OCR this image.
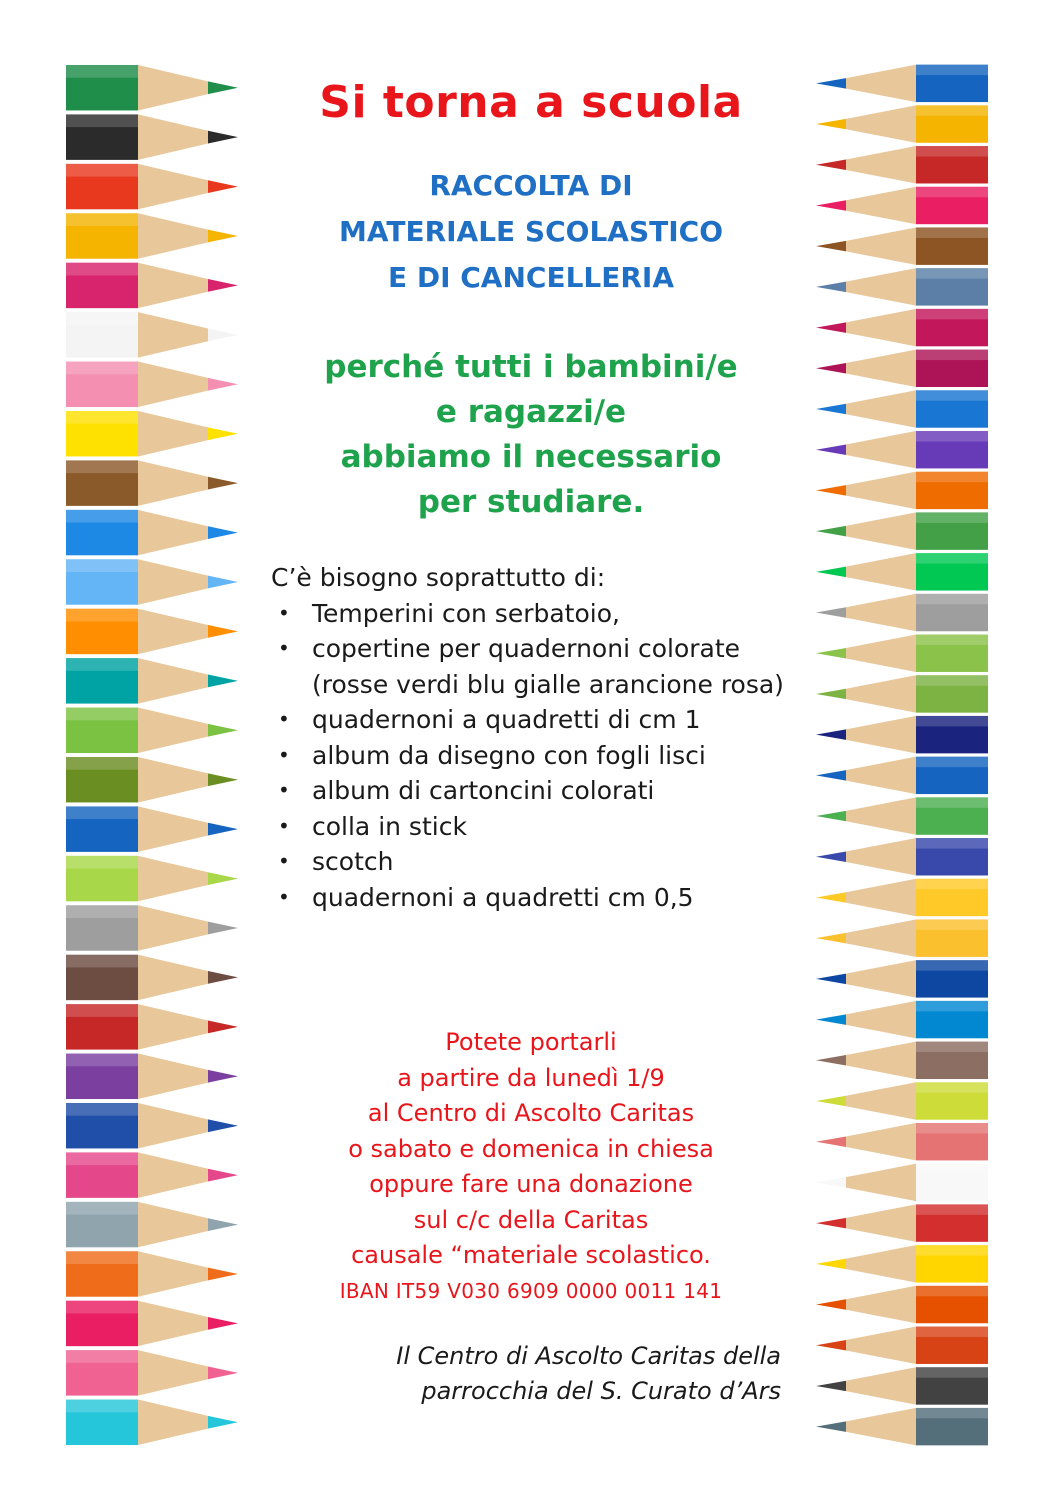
Si torna a scuola
RACCOLTA DI
MATERIALE SCOLASTICO
E DI CANCELLERIA
perché tutti i bambini/e
e ragazzi/e
abbiamo il necessario
per studiare.

C’è bisogno soprattutto di:

• Temperini con serbatoio,
• copertine per quadernoni colorate (rosse verdi blu gialle arancione rosa)
• quadernoni a quadretti di cm 1
• album da disegno con fogli lisci
• album di cartoncini colorati
• colla in stick
• scotch
• quadernoni a quadretti cm 0,5
Potete portarli
a partire da lunedì 1/9
al Centro di Ascolto Caritas
o sabato e domenica in chiesa
oppure fare una donazione
sul c/c della Caritas
causale “materiale scolastico.
IBAN IT59 V030 6909 0000 0011 141
Il Centro di Ascolto Caritas della
parrocchia del S. Curato d’Ars
